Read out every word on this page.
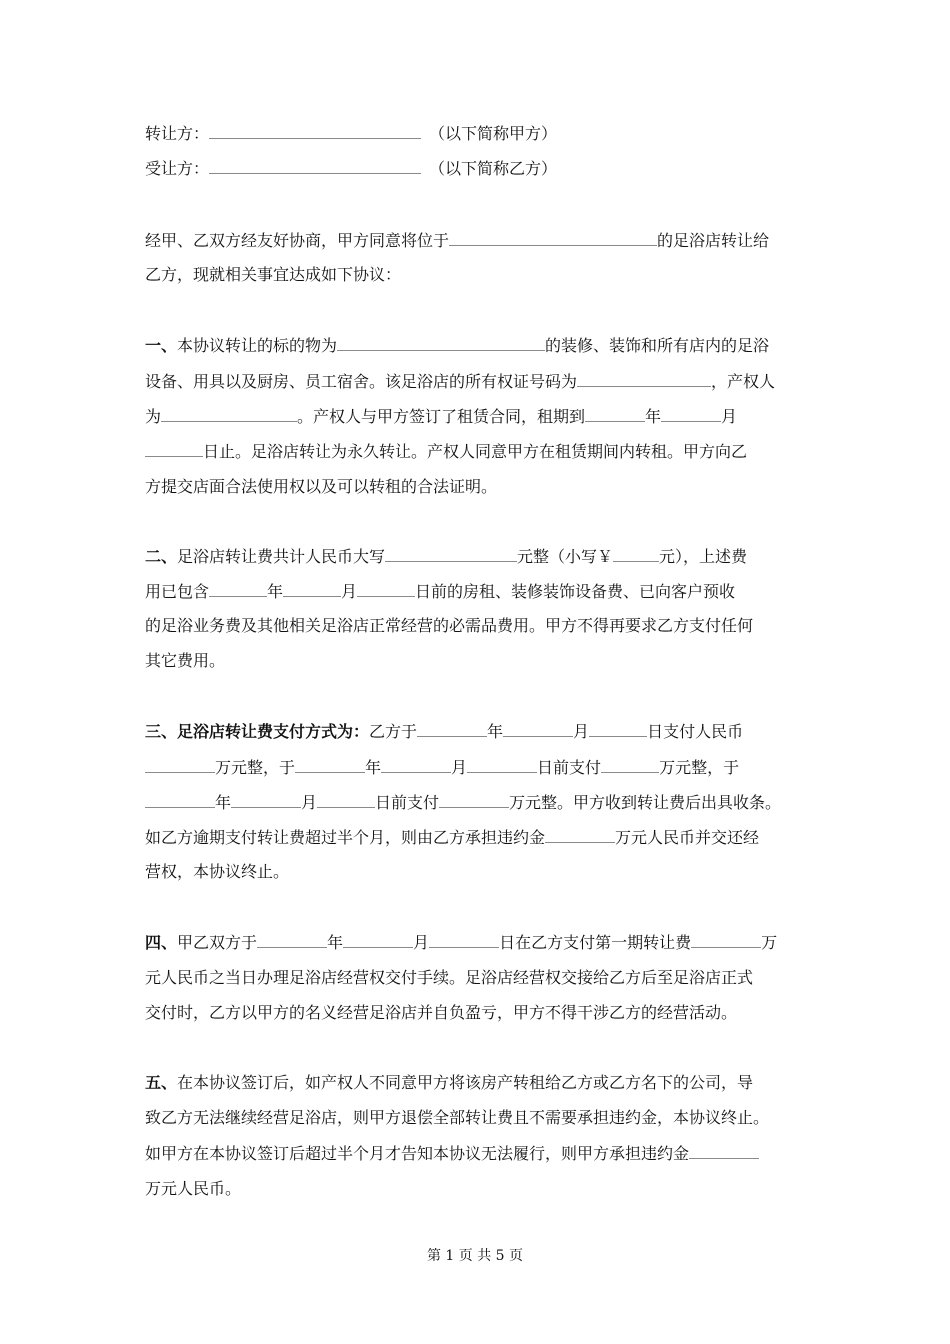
转让方：	（以下简称甲方）
受让方：	（以下简称乙方）
经甲、乙双方经友好协商，甲方同意将位于	的足浴店转让给
乙方，现就相关事宜达成如下协议：
一、本协议转让的标的物为	的装修、装饰和所有店内的足浴
设备、用具以及厨房、员工宿舍。该足浴店的所有权证号码为	，产权人
为	。产权人与甲方签订了租赁合同，租期到	年	月
日止。足浴店转让为永久转让。产权人同意甲方在租赁期间内转租。甲方向乙
方提交店面合法使用权以及可以转租的合法证明。
二、足浴店转让费共计人民币大写	元整（小写￥	元），上述费
用已包含	年	月	日前的房租、装修装饰设备费、已向客户预收
的足浴业务费及其他相关足浴店正常经营的必需品费用。甲方不得再要求乙方支付任何
其它费用。
三、足浴店转让费支付方式为：乙方于	年	月	日支付人民币
万元整，于	年	月	日前支付	万元整，于
年	月	日前支付	万元整。甲方收到转让费后出具收条。
如乙方逾期支付转让费超过半个月，则由乙方承担违约金	万元人民币并交还经
营权，本协议终止。
四、甲乙双方于	年	月	日在乙方支付第一期转让费	万
元人民币之当日办理足浴店经营权交付手续。足浴店经营权交接给乙方后至足浴店正式
交付时，乙方以甲方的名义经营足浴店并自负盈亏，甲方不得干涉乙方的经营活动。
五、在本协议签订后，如产权人不同意甲方将该房产转租给乙方或乙方名下的公司，导
致乙方无法继续经营足浴店，则甲方退偿全部转让费且不需要承担违约金，本协议终止。
如甲方在本协议签订后超过半个月才告知本协议无法履行，则甲方承担违约金
万元人民币。
第 1 页 共 5 页
